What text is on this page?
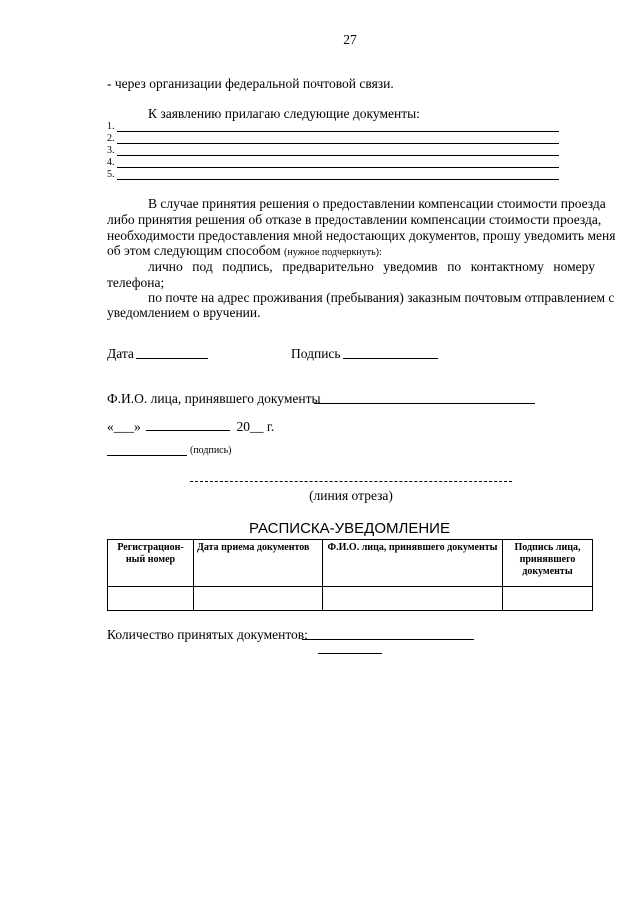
27
- через организации федеральной почтовой связи.
К заявлению прилагаю следующие документы:
1.
2.
3.
4.
5.
В случае принятия решения о предоставлении компенсации стоимости проезда
либо принятия решения об отказе в предоставлении компенсации стоимости проезда,
необходимости предоставления мной недостающих документов, прошу уведомить меня
об этом следующим способом (нужное подчеркнуть):
лично под подпись, предварительно уведомив по контактному номеру
телефона;
по почте на адрес проживания (пребывания) заказным почтовым отправлением с
уведомлением о вручении.
Дата	Подпись
Ф.И.О. лица, принявшего документы
«___»	20__ г.
(подпись)
(линия отреза)
РАСПИСКА-УВЕДОМЛЕНИЕ
Регистрацион-ный номер	Дата приема документов	Ф.И.О. лица, принявшего документы	Подпись лица, принявшего документы

Количество принятых документов:
